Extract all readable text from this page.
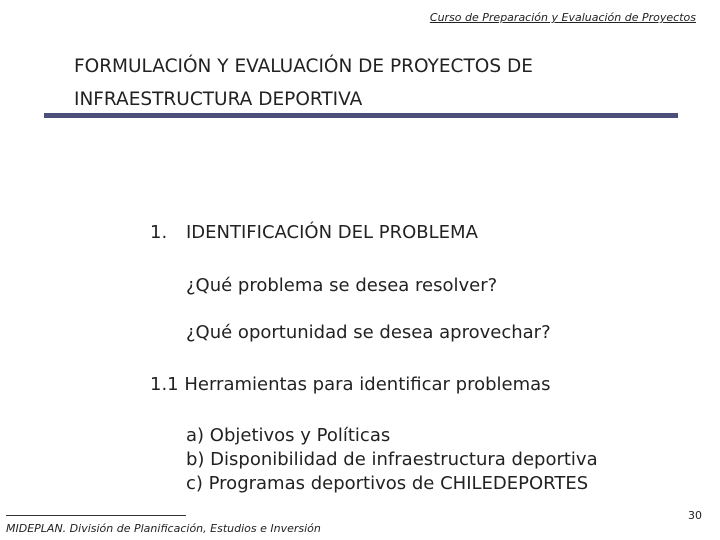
Curso de Preparación y Evaluación de Proyectos
FORMULACIÓN Y EVALUACIÓN DE PROYECTOS DE
INFRAESTRUCTURA DEPORTIVA
1. IDENTIFICACIÓN DEL PROBLEMA
¿Qué problema se desea resolver?
¿Qué oportunidad se desea aprovechar?
1.1 Herramientas para identificar problemas
a) Objetivos y Políticas
b) Disponibilidad de infraestructura deportiva
c) Programas deportivos de CHILEDEPORTES
MIDEPLAN. División de Planificación, Estudios e Inversión
30
